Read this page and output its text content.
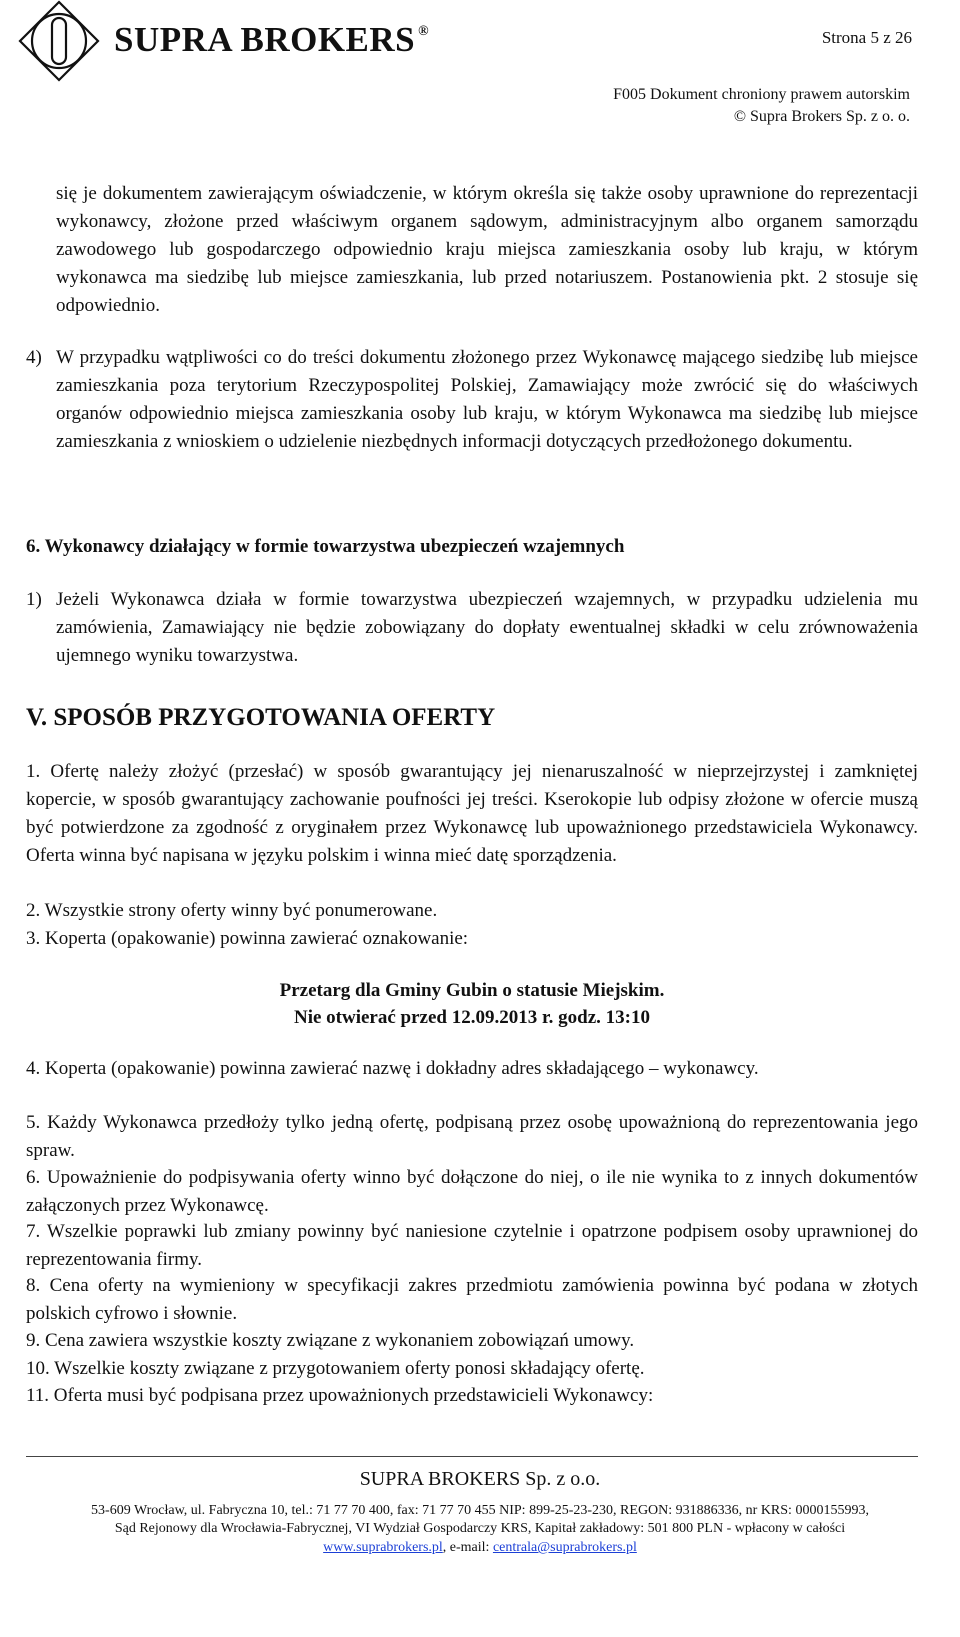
SUPRA BROKERS ®	Strona 5 z 26
F005 Dokument chroniony prawem autorskim
© Supra Brokers Sp. z o. o.
się je dokumentem zawierającym oświadczenie, w którym określa się także osoby uprawnione do reprezentacji wykonawcy, złożone przed właściwym organem sądowym, administracyjnym albo organem samorządu zawodowego lub gospodarczego odpowiednio kraju miejsca zamieszkania osoby lub kraju, w którym wykonawca ma siedzibę lub miejsce zamieszkania, lub przed notariuszem. Postanowienia pkt. 2 stosuje się odpowiednio.
4) W przypadku wątpliwości co do treści dokumentu złożonego przez Wykonawcę mającego siedzibę lub miejsce zamieszkania poza terytorium Rzeczypospolitej Polskiej, Zamawiający może zwrócić się do właściwych organów odpowiednio miejsca zamieszkania osoby lub kraju, w którym Wykonawca ma siedzibę lub miejsce zamieszkania z wnioskiem o udzielenie niezbędnych informacji dotyczących przedłożonego dokumentu.
6. Wykonawcy działający w formie towarzystwa ubezpieczeń wzajemnych
1) Jeżeli Wykonawca działa w formie towarzystwa ubezpieczeń wzajemnych, w przypadku udzielenia mu zamówienia, Zamawiający nie będzie zobowiązany do dopłaty ewentualnej składki w celu zrównoważenia ujemnego wyniku towarzystwa.
V. SPOSÓB PRZYGOTOWANIA OFERTY
1. Ofertę należy złożyć (przesłać) w sposób gwarantujący jej nienaruszalność w nieprzejrzystej i zamkniętej kopercie, w sposób gwarantujący zachowanie poufności jej treści. Kserokopie lub odpisy złożone w ofercie muszą być potwierdzone za zgodność z oryginałem przez Wykonawcę lub upoważnionego przedstawiciela Wykonawcy. Oferta winna być napisana w języku polskim i winna mieć datę sporządzenia.
2. Wszystkie strony oferty winny być ponumerowane.
3. Koperta (opakowanie) powinna zawierać oznakowanie:
Przetarg dla Gminy Gubin o statusie Miejskim.
Nie otwierać przed 12.09.2013 r. godz. 13:10
4. Koperta (opakowanie) powinna zawierać nazwę i dokładny adres składającego – wykonawcy.
5. Każdy Wykonawca przedłoży tylko jedną ofertę, podpisaną przez osobę upoważnioną do reprezentowania jego spraw.
6. Upoważnienie do podpisywania oferty winno być dołączone do niej, o ile nie wynika to z innych dokumentów załączonych przez Wykonawcę.
7. Wszelkie poprawki lub zmiany powinny być naniesione czytelnie i opatrzone podpisem osoby uprawnionej do reprezentowania firmy.
8. Cena oferty na wymieniony w specyfikacji zakres przedmiotu zamówienia powinna być podana w złotych polskich cyfrowo i słownie.
9. Cena zawiera wszystkie koszty związane z wykonaniem zobowiązań umowy.
10. Wszelkie koszty związane z przygotowaniem oferty ponosi składający ofertę.
11. Oferta musi być podpisana przez upoważnionych przedstawicieli Wykonawcy:
SUPRA BROKERS Sp. z o.o.
53-609 Wrocław, ul. Fabryczna 10, tel.: 71 77 70 400, fax: 71 77 70 455 NIP: 899-25-23-230, REGON: 931886336, nr KRS: 0000155993,
Sąd Rejonowy dla Wrocławia-Fabrycznej, VI Wydział Gospodarczy KRS, Kapitał zakładowy: 501 800 PLN - wpłacony w całości
www.suprabrokers.pl, e-mail: centrala@suprabrokers.pl
